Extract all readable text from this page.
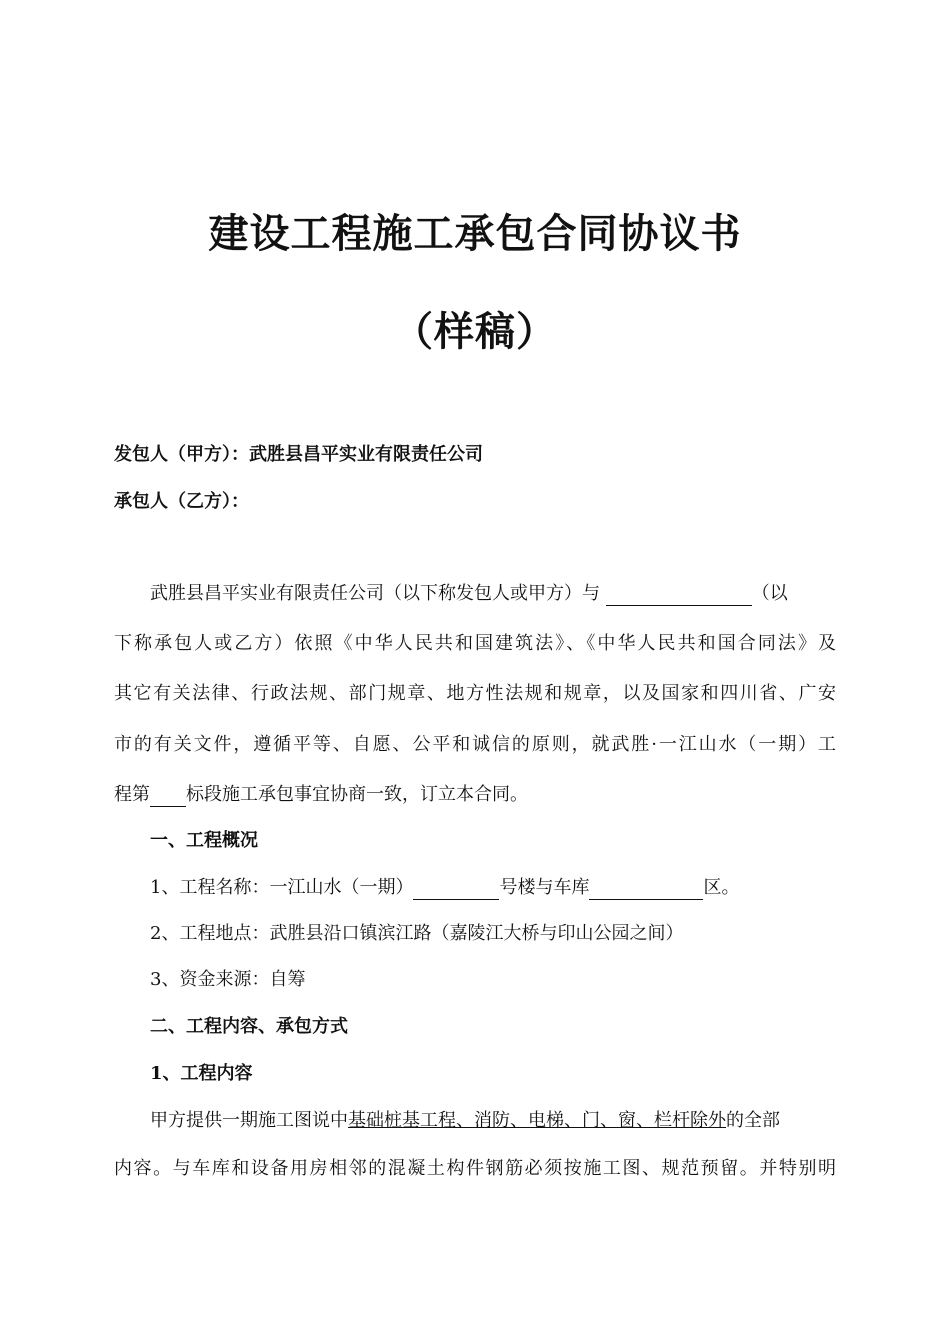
建设工程施工承包合同协议书
（样稿）
发包人（甲方）：武胜县昌平实业有限责任公司
承包人（乙方）：
武胜县昌平实业有限责任公司（以下称发包人或甲方）与	（以
下称承包人或乙方）依照《中华人民共和国建筑法》、《中华人民共和国合同法》及
其它有关法律、行政法规、部门规章、地方性法规和规章，以及国家和四川省、广安
市的有关文件，遵循平等、自愿、公平和诚信的原则，就武胜·一江山水（一期）工
程第 标段施工承包事宜协商一致，订立本合同。
一、工程概况
1、工程名称：一江山水（一期）	号楼与车库	区。
2、工程地点：武胜县沿口镇滨江路（嘉陵江大桥与印山公园之间）
3、资金来源：自筹
二、工程内容、承包方式
1、工程内容
甲方提供一期施工图说中基础桩基工程、消防、电梯、门、窗、栏杆除外的全部
内容。与车库和设备用房相邻的混凝土构件钢筋必须按施工图、规范预留。并特别明
